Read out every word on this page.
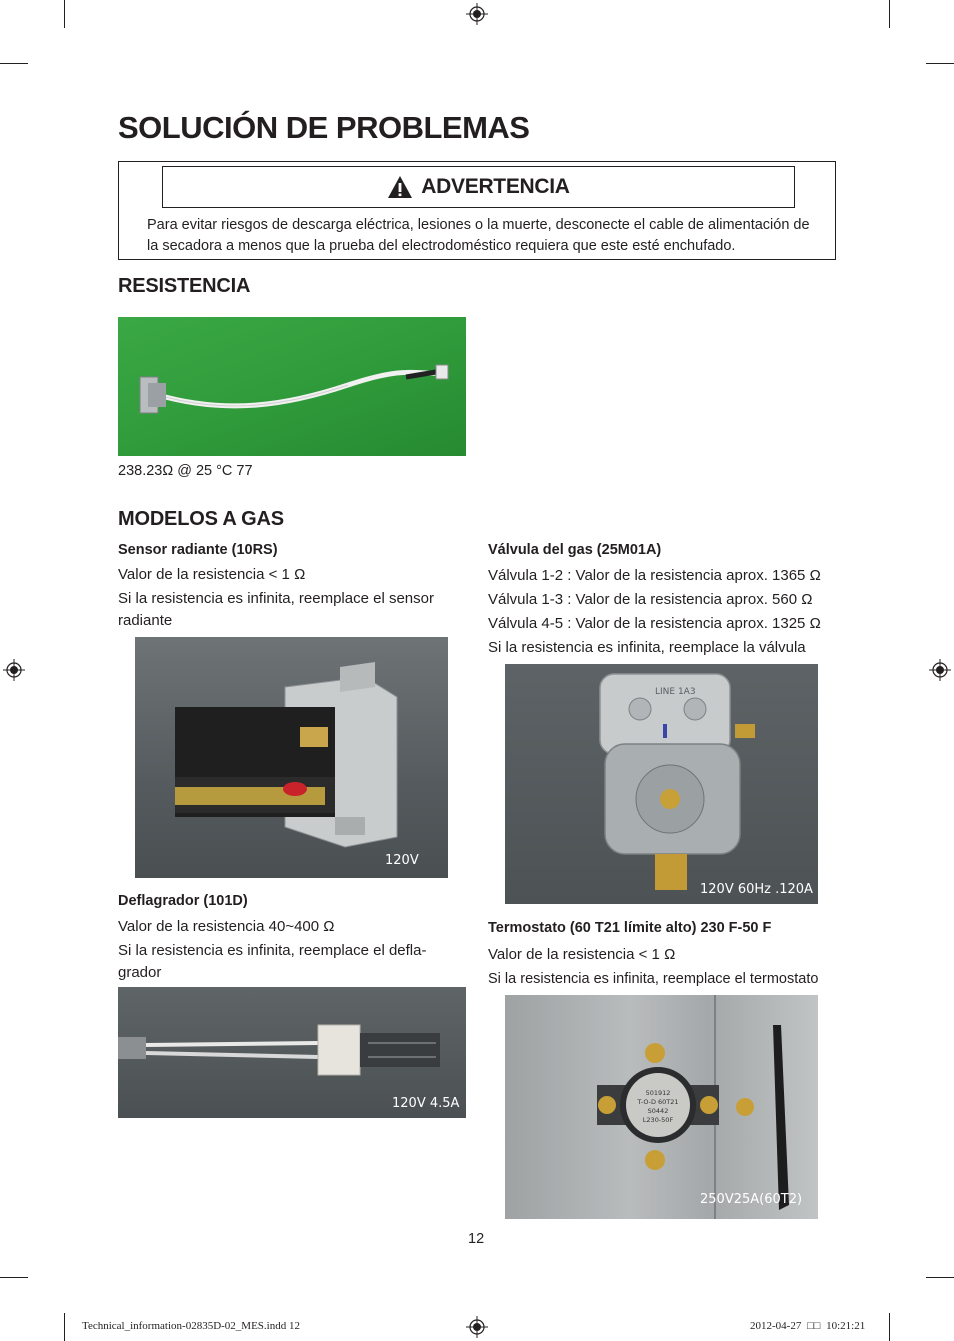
SOLUCIÓN DE PROBLEMAS
ADVERTENCIA
Para evitar riesgos de descarga eléctrica, lesiones o la muerte, desconecte el cable de alimentación de
la secadora a menos que la prueba del electrodoméstico requiera que este esté enchufado.
RESISTENCIA
238.23Ω @ 25 °C 77
MODELOS A GAS
Sensor radiante (10RS)
Valor de la resistencia < 1 Ω
Si la resistencia es infinita, reemplace el sensor
radiante
120V
Deflagrador (101D)
Valor de la resistencia 40~400 Ω
Si la resistencia es infinita, reemplace el defla-
grador
120V 4.5A
Válvula del gas (25M01A)
Válvula 1-2 : Valor de la resistencia aprox. 1365 Ω
Válvula 1-3 : Valor de la resistencia aprox. 560 Ω
Válvula 4-5 : Valor de la resistencia aprox. 1325 Ω
Si la resistencia es infinita, reemplace la válvula
LINE 1A3
120V 60Hz .120A
Termostato (60 T21 límite alto) 230 F-50 F
Valor de la resistencia < 1 Ω
Si la resistencia es infinita, reemplace el termostato
501912
T-O-D 60T21
S0442
L230-50F
250V25A(60T2)
12
Technical_information-02835D-02_MES.indd 12	2012-04-27 □□ 10:21:21
